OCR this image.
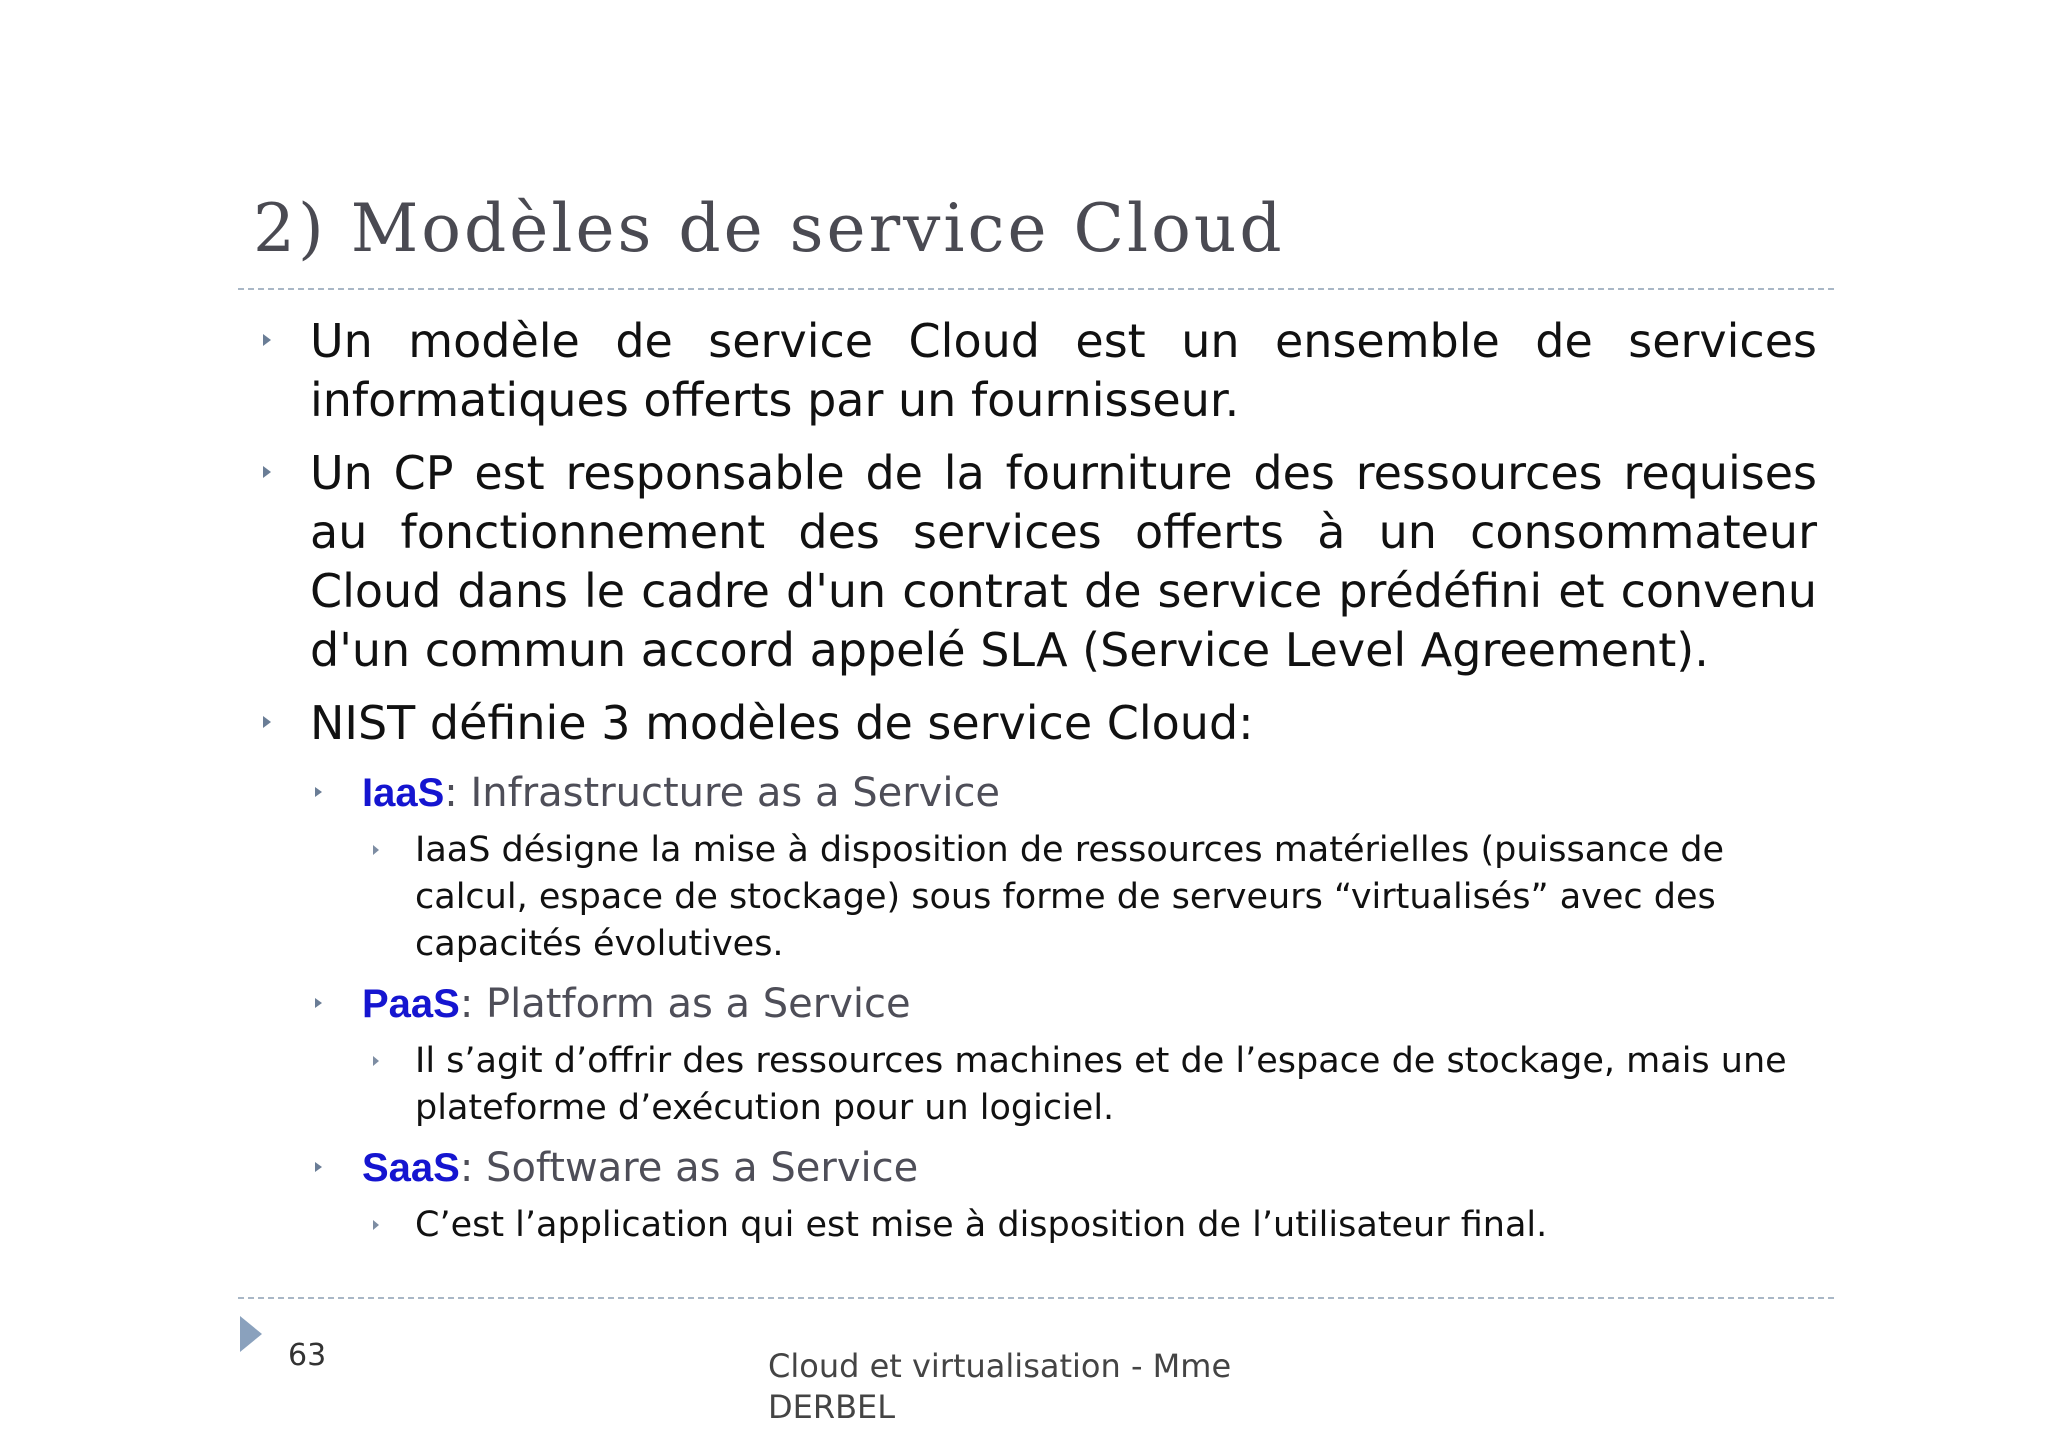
2) Modèles de service Cloud

Un modèle de service Cloud est un ensemble de services informatiques offerts par un fournisseur.

Un CP est responsable de la fourniture des ressources requises au fonctionnement des services offerts à un consommateur Cloud dans le cadre d'un contrat de service prédéfini et convenu d'un commun accord appelé SLA (Service Level Agreement).

NIST définie 3 modèles de service Cloud:

IaaS: Infrastructure as a Service

IaaS désigne la mise à disposition de ressources matérielles (puissance de calcul, espace de stockage) sous forme de serveurs “virtualisés” avec des capacités évolutives.

PaaS: Platform as a Service

Il s’agit d’offrir des ressources machines et de l’espace de stockage, mais une plateforme d’exécution pour un logiciel.

SaaS: Software as a Service

C’est l’application qui est mise à disposition de l’utilisateur final.

63	Cloud et virtualisation - Mme DERBEL
